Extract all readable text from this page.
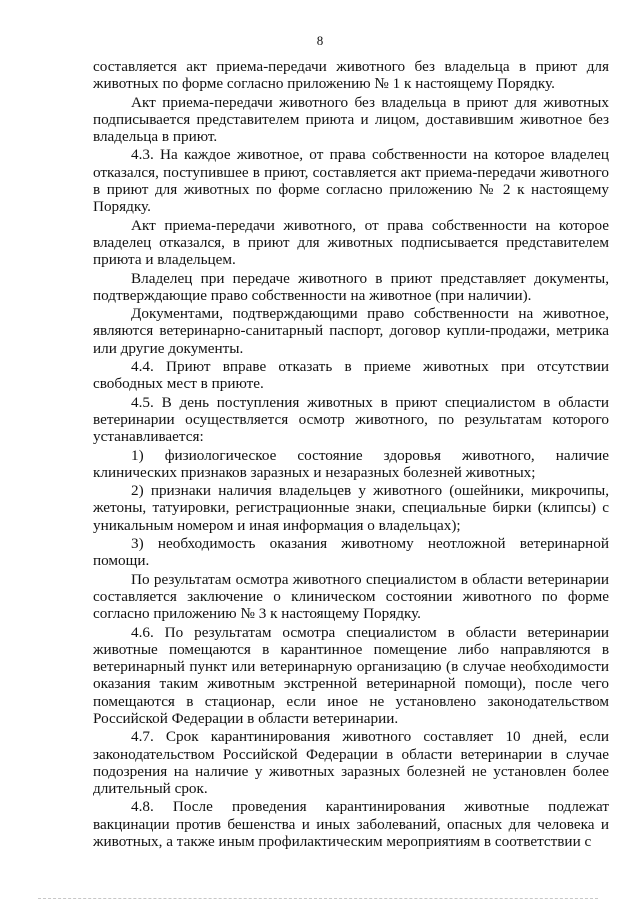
8

составляется акт приема-передачи животного без владельца в приют для животных по форме согласно приложению № 1 к настоящему Порядку.

Акт приема-передачи животного без владельца в приют для животных подписывается представителем приюта и лицом, доставившим животное без владельца в приют.

4.3. На каждое животное, от права собственности на которое владелец отказался, поступившее в приют, составляется акт приема-передачи животного в приют для животных по форме согласно приложению № 2 к настоящему Порядку.

Акт приема-передачи животного, от права собственности на которое владелец отказался, в приют для животных подписывается представителем приюта и владельцем.

Владелец при передаче животного в приют представляет документы, подтверждающие право собственности на животное (при наличии).

Документами, подтверждающими право собственности на животное, являются ветеринарно-санитарный паспорт, договор купли-продажи, метрика или другие документы.

4.4. Приют вправе отказать в приеме животных при отсутствии свободных мест в приюте.

4.5. В день поступления животных в приют специалистом в области ветеринарии осуществляется осмотр животного, по результатам которого устанавливается:

1) физиологическое состояние здоровья животного, наличие клинических признаков заразных и незаразных болезней животных;

2) признаки наличия владельцев у животного (ошейники, микрочипы, жетоны, татуировки, регистрационные знаки, специальные бирки (клипсы) с уникальным номером и иная информация о владельцах);

3) необходимость оказания животному неотложной ветеринарной помощи.

По результатам осмотра животного специалистом в области ветеринарии составляется заключение о клиническом состоянии животного по форме согласно приложению № 3 к настоящему Порядку.

4.6. По результатам осмотра специалистом в области ветеринарии животные помещаются в карантинное помещение либо направляются в ветеринарный пункт или ветеринарную организацию (в случае необходимости оказания таким животным экстренной ветеринарной помощи), после чего помещаются в стационар, если иное не установлено законодательством Российской Федерации в области ветеринарии.

4.7. Срок карантинирования животного составляет 10 дней, если законодательством Российской Федерации в области ветеринарии в случае подозрения на наличие у животных заразных болезней не установлен более длительный срок.

4.8. После проведения карантинирования животные подлежат вакцинации против бешенства и иных заболеваний, опасных для человека и животных, а также иным профилактическим мероприятиям в соответствии с
